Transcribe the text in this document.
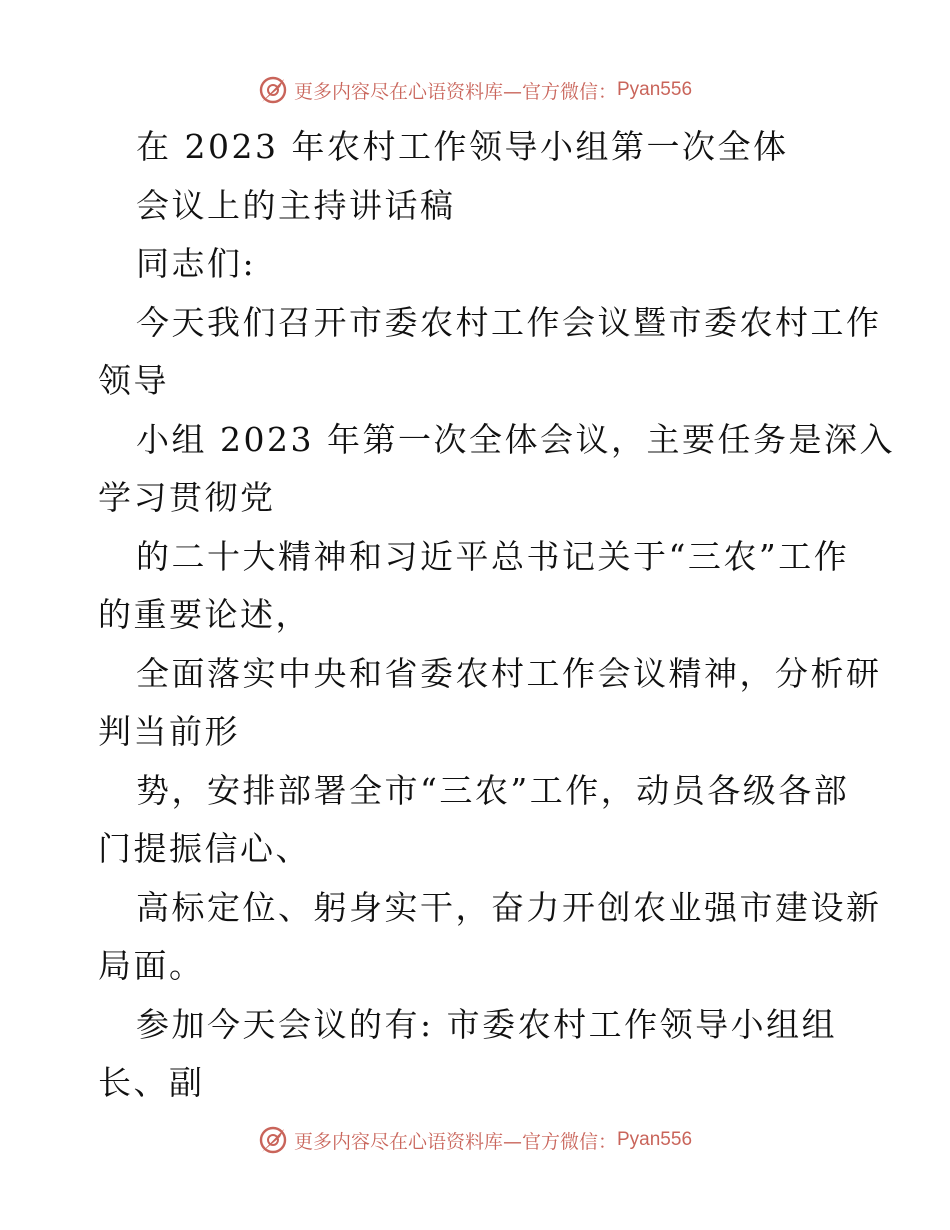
更多内容尽在心语资料库—官方微信： Pyan556
在 2023 年农村工作领导小组第一次全体
会议上的主持讲话稿
同志们:
今天我们召开市委农村工作会议暨市委农村工作
领导
小组 2023 年第一次全体会议，主要任务是深入
学习贯彻党
的二十大精神和习近平总书记关于“三农”工作
的重要论述，
全面落实中央和省委农村工作会议精神，分析研
判当前形
势，安排部署全市“三农”工作，动员各级各部
门提振信心、
高标定位、躬身实干，奋力开创农业强市建设新
局面。
参加今天会议的有: 市委农村工作领导小组组
长、副
更多内容尽在心语资料库—官方微信： Pyan556
